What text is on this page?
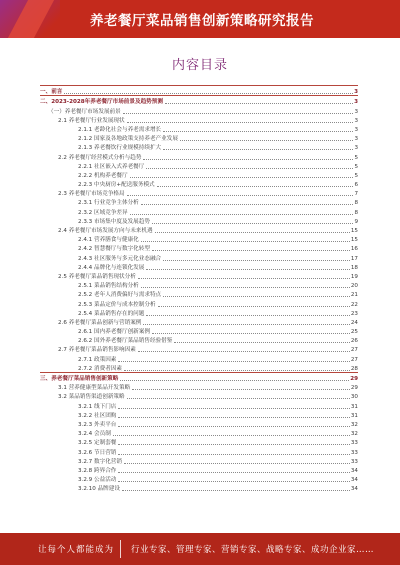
养老餐厅菜品销售创新策略研究报告
内容目录
一、前言	3
二、2023-2028年养老餐厅市场前景及趋势预测	3
（一）养老餐厅市场发展前景	3
2.1 养老餐厅行业发展现状	3
2.1.1 老龄化社会与养老需求增长	3
2.1.2 国家及各地政策支持养老产业发展	3
2.1.3 养老餐饮行业规模持续扩大	3
2.2 养老餐厅经营模式分析与趋势	5
2.2.1 社区嵌入式养老餐厅	5
2.2.2 机构养老餐厅	5
2.2.3 中央厨房+配送服务模式	6
2.3 养老餐厅市场竞争格局	7
2.3.1 行业竞争主体分析	8
2.3.2 区域竞争差异	8
2.3.3 市场集中度及发展趋势	9
2.4 养老餐厅市场发展方向与未来机遇	15
2.4.1 营养膳食与健康化	15
2.4.2 智慧餐厅与数字化转型	16
2.4.3 社区服务与多元化业态融合	17
2.4.4 品牌化与连锁化发展	18
2.5 养老餐厅菜品销售现状分析	19
2.5.1 菜品销售结构分析	20
2.5.2 老年人消费偏好与需求特点	21
2.5.3 菜品定价与成本控制分析	22
2.5.4 菜品销售存在的问题	23
2.6 养老餐厅菜品创新与营销案例	24
2.6.1 国内养老餐厅创新案例	25
2.6.2 国外养老餐厅菜品销售经验借鉴	26
2.7 养老餐厅菜品销售影响因素	27
2.7.1 政策因素	27
2.7.2 消费者因素	28
三、养老餐厅菜品销售创新策略	29
3.1 营养健康型菜品开发策略	29
3.2 菜品销售渠道创新策略	30
3.2.1 线下门店	31
3.2.2 社区团购	31
3.2.3 外卖平台	32
3.2.4 会员制	32
3.2.5 定制套餐	33
3.2.6 节日营销	33
3.2.7 数字化营销	33
3.2.8 跨界合作	34
3.2.9 公益活动	34
3.2.10 品牌建设	34
让每个人都能成为 行业专家、管理专家、营销专家、战略专家、成功企业家……
